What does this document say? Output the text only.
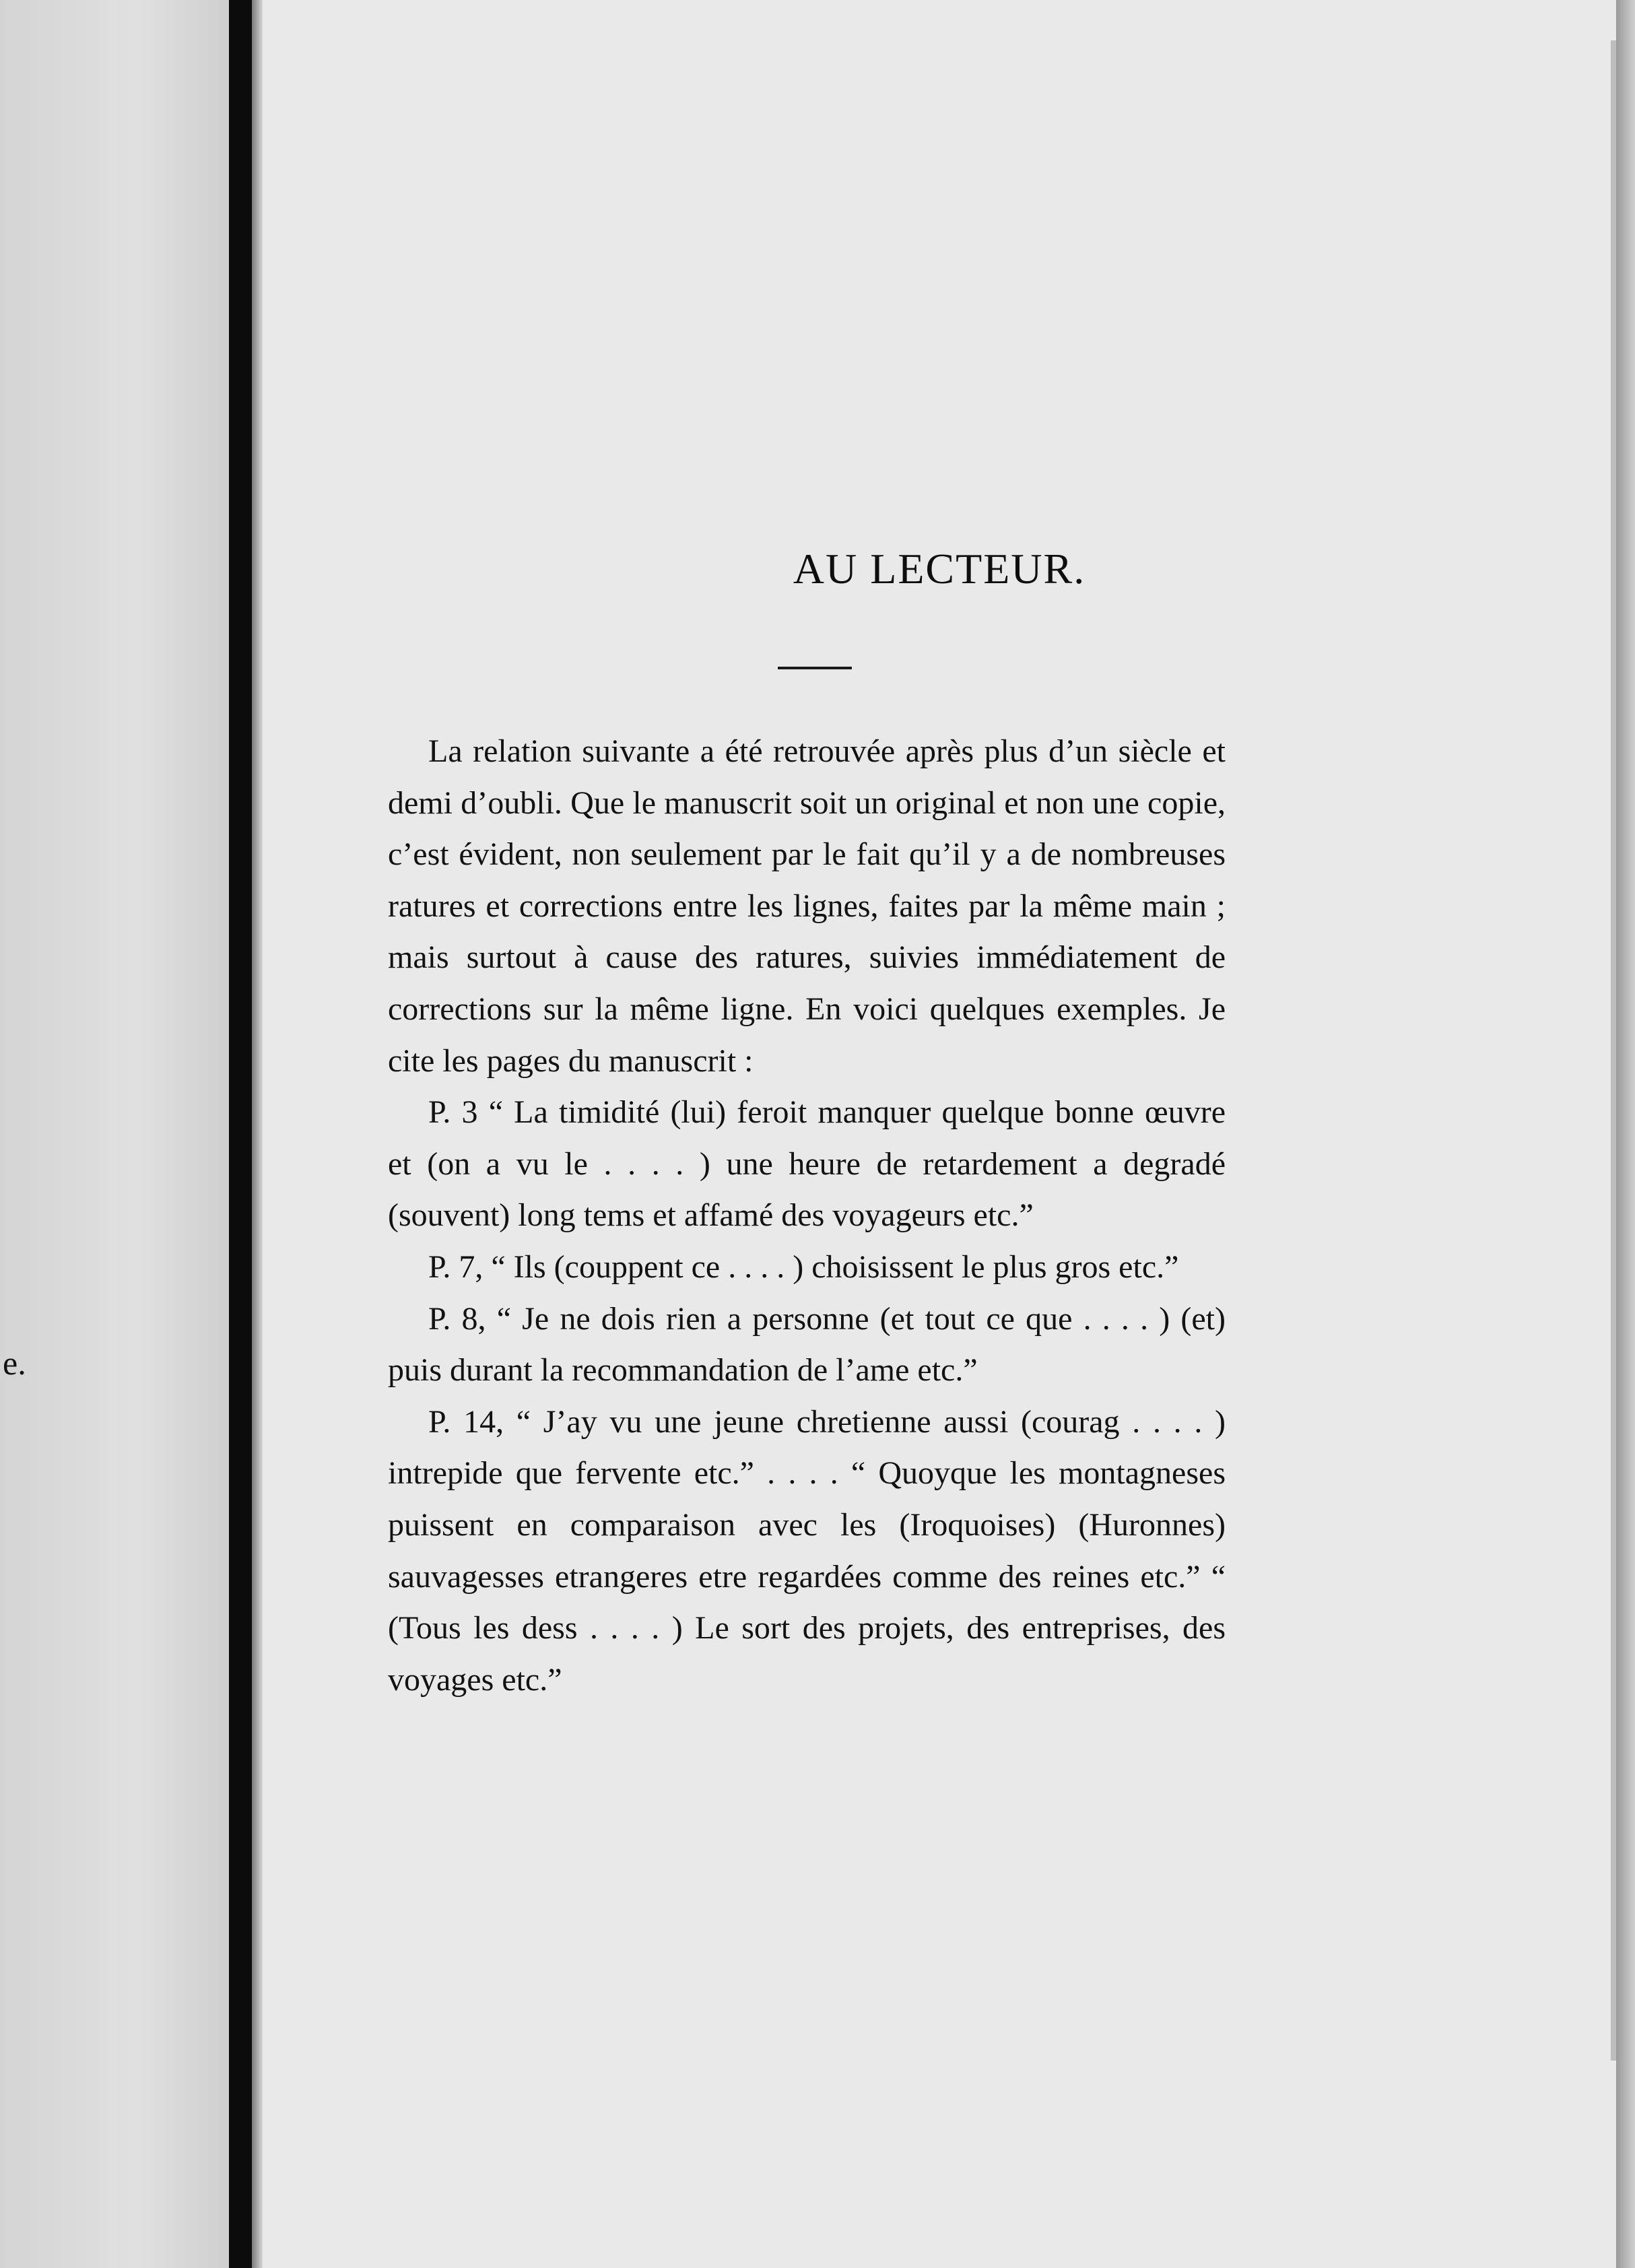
e.
AU LECTEUR.

La relation suivante a été retrouvée après plus d’un siècle et demi d’oubli. Que le manuscrit soit un original et non une copie, c’est évident, non seulement par le fait qu’il y a de nombreuses ratures et corrections entre les lignes, faites par la même main ; mais surtout à cause des ratures, suivies immédiatement de corrections sur la même ligne. En voici quelques exemples. Je cite les pages du manuscrit :

P. 3 “ La timidité (lui) feroit manquer quelque bonne œuvre et (on a vu le . . . . ) une heure de retardement a degradé (souvent) long tems et affamé des voyageurs etc.”

P. 7, “ Ils (couppent ce . . . . ) choisissent le plus gros etc.”

P. 8, “ Je ne dois rien a personne (et tout ce que . . . . ) (et) puis durant la recommandation de l’ame etc.”

P. 14, “ J’ay vu une jeune chretienne aussi (courag . . . . ) intrepide que fervente etc.” . . . . “ Quoyque les montagneses puissent en comparaison avec les (Iroquoises) (Huronnes) sauvagesses etrangeres etre regardées comme des reines etc.” “ (Tous les dess . . . . ) Le sort des projets, des entreprises, des voyages etc.”
